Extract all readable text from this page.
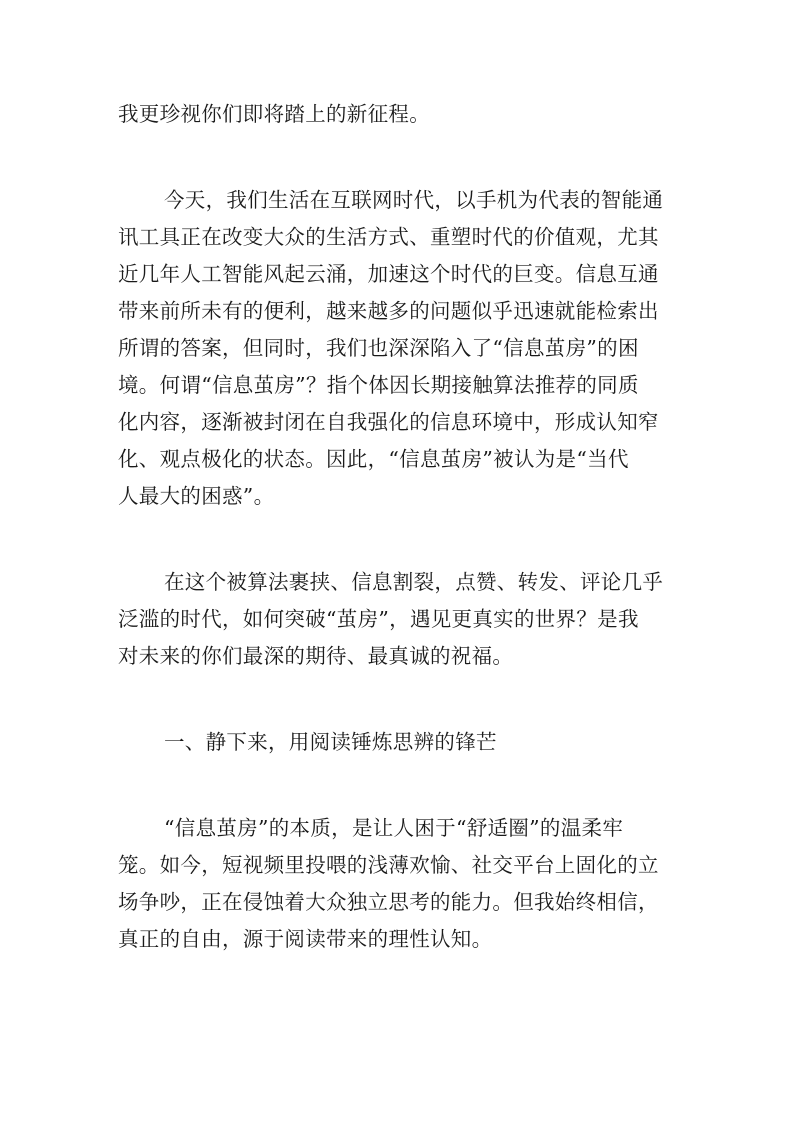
我更珍视你们即将踏上的新征程。
今天，我们生活在互联网时代，以手机为代表的智能通
讯工具正在改变大众的生活方式、重塑时代的价值观，尤其
近几年人工智能风起云涌，加速这个时代的巨变。信息互通
带来前所未有的便利，越来越多的问题似乎迅速就能检索出
所谓的答案，但同时，我们也深深陷入了“信息茧房”的困
境。何谓“信息茧房”？指个体因长期接触算法推荐的同质
化内容，逐渐被封闭在自我强化的信息环境中，形成认知窄
化、观点极化的状态。因此，“信息茧房”被认为是“当代
人最大的困惑”。
在这个被算法裹挟、信息割裂，点赞、转发、评论几乎
泛滥的时代，如何突破“茧房”，遇见更真实的世界？是我
对未来的你们最深的期待、最真诚的祝福。
一、静下来，用阅读锤炼思辨的锋芒
“信息茧房”的本质，是让人困于“舒适圈”的温柔牢
笼。如今，短视频里投喂的浅薄欢愉、社交平台上固化的立
场争吵，正在侵蚀着大众独立思考的能力。但我始终相信，
真正的自由，源于阅读带来的理性认知。
